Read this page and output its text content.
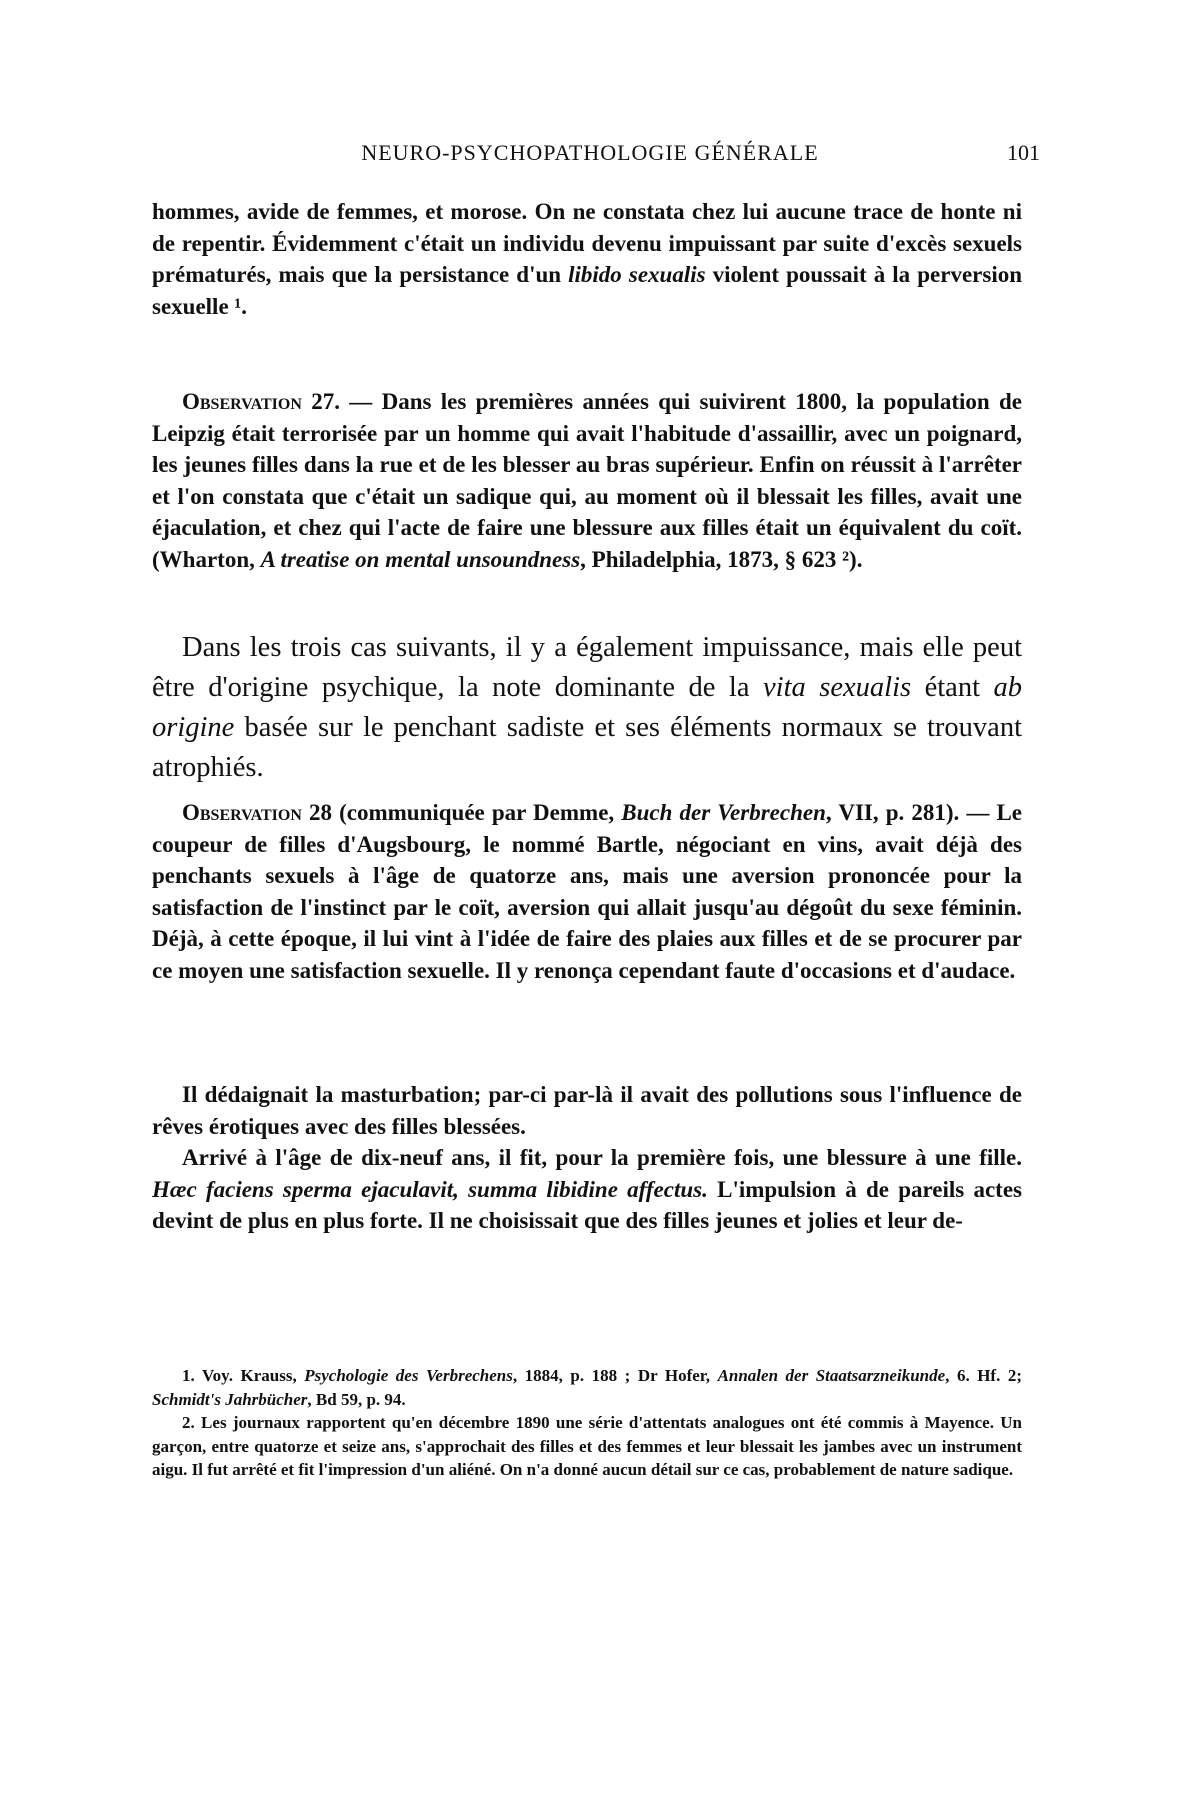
NEURO-PSYCHOPATHOLOGIE GÉNÉRALE	101

hommes, avide de femmes, et morose. On ne constata chez lui aucune trace de honte ni de repentir. Évidemment c'était un individu devenu impuissant par suite d'excès sexuels prématurés, mais que la persistance d'un libido sexualis violent poussait à la perversion sexuelle ¹.

Observation 27. — Dans les premières années qui suivirent 1800, la population de Leipzig était terrorisée par un homme qui avait l'habitude d'assaillir, avec un poignard, les jeunes filles dans la rue et de les blesser au bras supérieur. Enfin on réussit à l'arrêter et l'on constata que c'était un sadique qui, au moment où il blessait les filles, avait une éjaculation, et chez qui l'acte de faire une blessure aux filles était un équivalent du coït. (Wharton, A treatise on mental unsoundness, Philadelphia, 1873, § 623 ²).

Dans les trois cas suivants, il y a également impuissance, mais elle peut être d'origine psychique, la note dominante de la vita sexualis étant ab origine basée sur le penchant sadiste et ses éléments normaux se trouvant atrophiés.

Observation 28 (communiquée par Demme, Buch der Verbrechen, VII, p. 281). — Le coupeur de filles d'Augsbourg, le nommé Bartle, négociant en vins, avait déjà des penchants sexuels à l'âge de quatorze ans, mais une aversion prononcée pour la satisfaction de l'instinct par le coït, aversion qui allait jusqu'au dégoût du sexe féminin. Déjà, à cette époque, il lui vint à l'idée de faire des plaies aux filles et de se procurer par ce moyen une satisfaction sexuelle. Il y renonça cependant faute d'occasions et d'audace.

Il dédaignait la masturbation; par-ci par-là il avait des pollutions sous l'influence de rêves érotiques avec des filles blessées.

Arrivé à l'âge de dix-neuf ans, il fit, pour la première fois, une blessure à une fille. Hæc faciens sperma ejaculavit, summa libidine affectus. L'impulsion à de pareils actes devint de plus en plus forte. Il ne choisissait que des filles jeunes et jolies et leur de-

1. Voy. Krauss, Psychologie des Verbrechens, 1884, p. 188 ; Dr Hofer, Annalen der Staatsarzneikunde, 6. Hf. 2; Schmidt's Jahrbücher, Bd 59, p. 94.

2. Les journaux rapportent qu'en décembre 1890 une série d'attentats analogues ont été commis à Mayence. Un garçon, entre quatorze et seize ans, s'approchait des filles et des femmes et leur blessait les jambes avec un instrument aigu. Il fut arrêté et fit l'impression d'un aliéné. On n'a donné aucun détail sur ce cas, probablement de nature sadique.
